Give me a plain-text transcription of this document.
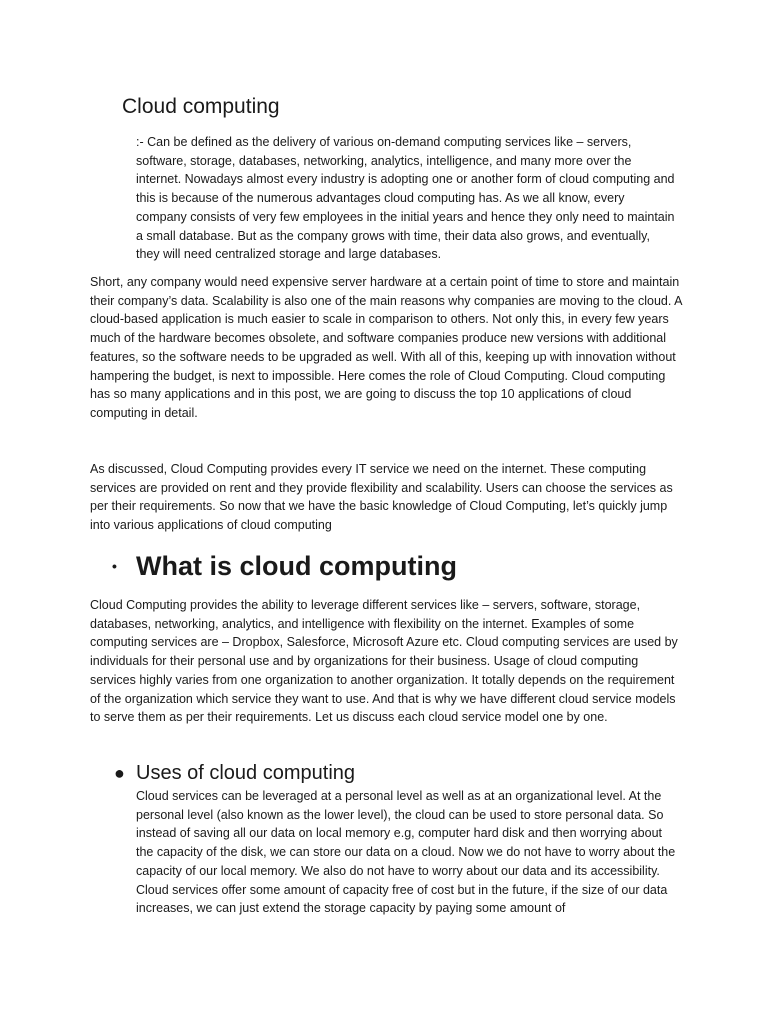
Cloud computing

:- Can be defined as the delivery of various on-demand computing services like – servers, software, storage, databases, networking, analytics, intelligence, and many more over the internet. Nowadays almost every industry is adopting one or another form of cloud computing and this is because of the numerous advantages cloud computing has. As we all know, every company consists of very few employees in the initial years and hence they only need to maintain a small database. But as the company grows with time, their data also grows, and eventually, they will need centralized storage and large databases.

Short, any company would need expensive server hardware at a certain point of time to store and maintain their company’s data. Scalability is also one of the main reasons why companies are moving to the cloud. A cloud-based application is much easier to scale in comparison to others. Not only this, in every few years much of the hardware becomes obsolete, and software companies produce new versions with additional features, so the software needs to be upgraded as well. With all of this, keeping up with innovation without hampering the budget, is next to impossible. Here comes the role of Cloud Computing. Cloud computing has so many applications and in this post, we are going to discuss the top 10 applications of cloud computing in detail.

As discussed, Cloud Computing provides every IT service we need on the internet. These computing services are provided on rent and they provide flexibility and scalability. Users can choose the services as per their requirements. So now that we have the basic knowledge of Cloud Computing, let’s quickly jump into various applications of cloud computing

• What is cloud computing

Cloud Computing provides the ability to leverage different services like – servers, software, storage, databases, networking, analytics, and intelligence with flexibility on the internet. Examples of some computing services are – Dropbox, Salesforce, Microsoft Azure etc. Cloud computing services are used by individuals for their personal use and by organizations for their business. Usage of cloud computing services highly varies from one organization to another organization. It totally depends on the requirement of the organization which service they want to use. And that is why we have different cloud service models to serve them as per their requirements. Let us discuss each cloud service model one by one.

● Uses of cloud computing

Cloud services can be leveraged at a personal level as well as at an organizational level. At the personal level (also known as the lower level), the cloud can be used to store personal data. So instead of saving all our data on local memory e.g, computer hard disk and then worrying about the capacity of the disk, we can store our data on a cloud. Now we do not have to worry about the capacity of our local memory. We also do not have to worry about our data and its accessibility. Cloud services offer some amount of capacity free of cost but in the future, if the size of our data increases, we can just extend the storage capacity by paying some amount of
